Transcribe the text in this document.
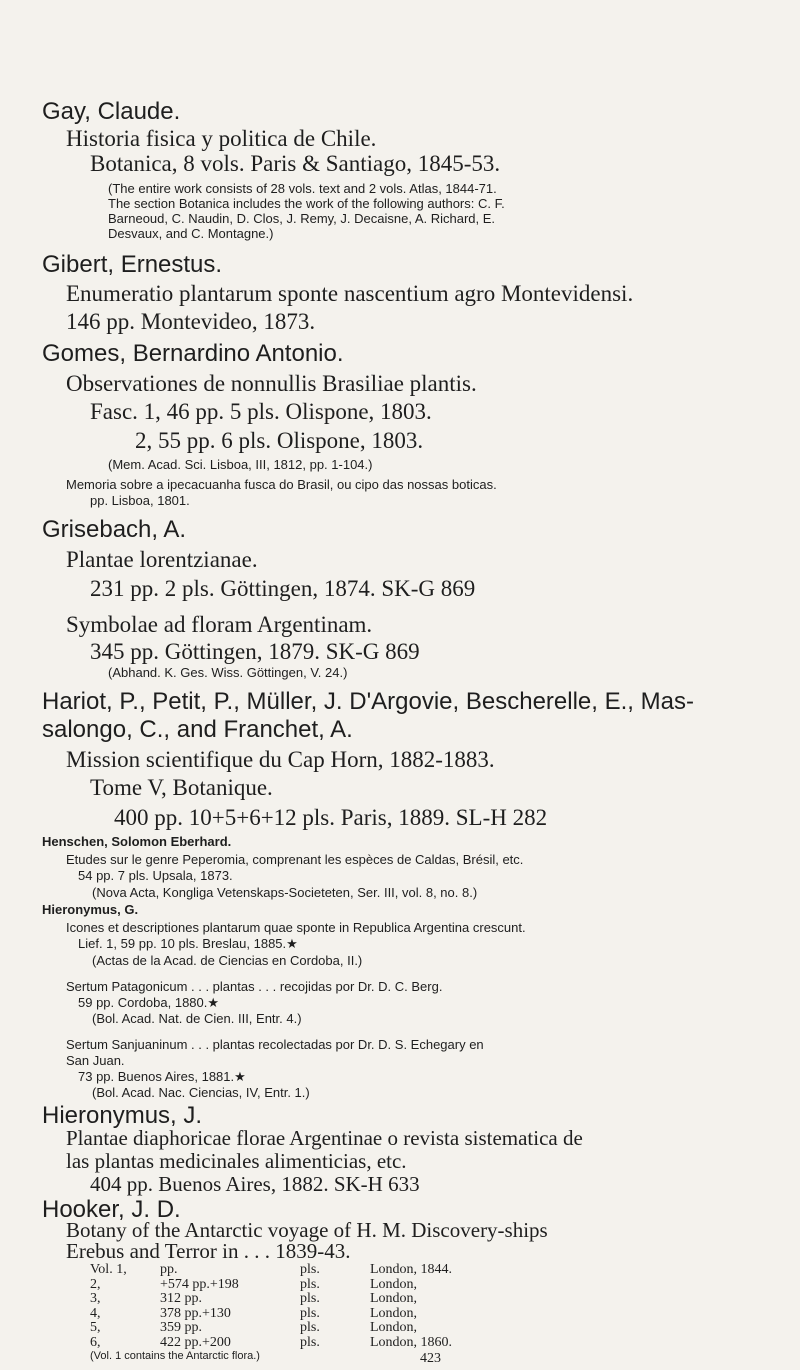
Gay, Claude.
Historia fisica y politica de Chile.
Botanica, 8 vols. Paris & Santiago, 1845-53.
(The entire work consists of 28 vols. text and 2 vols. Atlas, 1844-71.
The section Botanica includes the work of the following authors: C. F.
Barneoud, C. Naudin, D. Clos, J. Remy, J. Decaisne, A. Richard, E.
Desvaux, and C. Montagne.)
Gibert, Ernestus.
Enumeratio plantarum sponte nascentium agro Montevidensi.
146 pp. Montevideo, 1873.
Gomes, Bernardino Antonio.
Observationes de nonnullis Brasiliae plantis.
Fasc. 1, 46 pp. 5 pls. Olispone, 1803.
2, 55 pp. 6 pls. Olispone, 1803.
(Mem. Acad. Sci. Lisboa, III, 1812, pp. 1-104.)
Memoria sobre a ipecacuanha fusca do Brasil, ou cipo das nossas boticas.
pp. Lisboa, 1801.
Grisebach, A.
Plantae lorentzianae.
231 pp. 2 pls. Göttingen, 1874. SK-G 869
Symbolae ad floram Argentinam.
345 pp. Göttingen, 1879. SK-G 869
(Abhand. K. Ges. Wiss. Göttingen, V. 24.)
Hariot, P., Petit, P., Müller, J. D'Argovie, Bescherelle, E., Mas-
salongo, C., and Franchet, A.
Mission scientifique du Cap Horn, 1882-1883.
Tome V, Botanique.
400 pp. 10+5+6+12 pls. Paris, 1889. SL-H 282
Henschen, Solomon Eberhard.
Etudes sur le genre Peperomia, comprenant les espèces de Caldas, Brésil, etc.
54 pp. 7 pls. Upsala, 1873.
(Nova Acta, Kongliga Vetenskaps-Societeten, Ser. III, vol. 8, no. 8.)
Hieronymus, G.
Icones et descriptiones plantarum quae sponte in Republica Argentina crescunt.
Lief. 1, 59 pp. 10 pls. Breslau, 1885.★
(Actas de la Acad. de Ciencias en Cordoba, II.)
Sertum Patagonicum . . . plantas . . . recojidas por Dr. D. C. Berg.
59 pp. Cordoba, 1880.★
(Bol. Acad. Nat. de Cien. III, Entr. 4.)
Sertum Sanjuaninum . . . plantas recolectadas por Dr. D. S. Echegary en
San Juan.
73 pp. Buenos Aires, 1881.★
(Bol. Acad. Nac. Ciencias, IV, Entr. 1.)
Hieronymus, J.
Plantae diaphoricae florae Argentinae o revista sistematica de
las plantas medicinales alimenticias, etc.
404 pp. Buenos Aires, 1882. SK-H 633
Hooker, J. D.
Botany of the Antarctic voyage of H. M. Discovery-ships
Erebus and Terror in . . . 1839-43.
Vol. 1, pp.	pls.	London, 1844.
2,	+574 pp.+198	pls.	London,
3,	312 pp.	pls.	London,
4,	378 pp.+130	pls.	London,
5,	359 pp.	pls.	London,
6,	422 pp.+200	pls.	London, 1860.
(Vol. 1 contains the Antarctic flora.)	423
